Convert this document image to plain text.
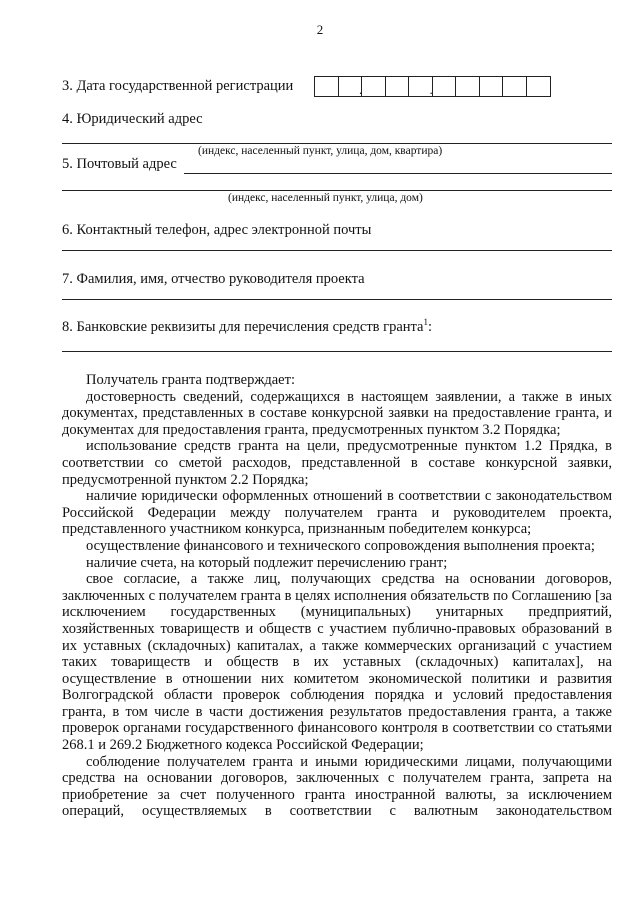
2
3. Дата государственной регистрации	.	.
4. Юридический адрес
(индекс, населенный пункт, улица, дом, квартира)
5. Почтовый адрес
(индекс, населенный пункт, улица, дом)
6. Контактный телефон, адрес электронной почты
7. Фамилия, имя, отчество руководителя проекта
8. Банковские реквизиты для перечисления средств гранта$^1$:

Получатель гранта подтверждает:

достоверность сведений, содержащихся в настоящем заявлении, а также в иных документах, представленных в составе конкурсной заявки на предоставление гранта, и документах для предоставления гранта, предусмотренных пунктом 3.2 Порядка;

использование средств гранта на цели, предусмотренные пунктом 1.2 Прядка, в соответствии со сметой расходов, представленной в составе конкурсной заявки, предусмотренной пунктом 2.2 Порядка;

наличие юридически оформленных отношений в соответствии с законодательством Российской Федерации между получателем гранта и руководителем проекта, представленного участником конкурса, признанным победителем конкурса;

осуществление финансового и технического сопровождения выполнения проекта;

наличие счета, на который подлежит перечислению грант;

свое согласие, а также лиц, получающих средства на основании договоров, заключенных с получателем гранта в целях исполнения обязательств по Соглашению [за исключением государственных (муниципальных) унитарных предприятий, хозяйственных товариществ и обществ с участием публично-правовых образований в их уставных (складочных) капиталах, а также коммерческих организаций с участием таких товариществ и обществ в их уставных (складочных) капиталах], на осуществление в отношении них комитетом экономической политики и развития Волгоградской области проверок соблюдения порядка и условий предоставления гранта, в том числе в части достижения результатов предоставления гранта, а также проверок органами государственного финансового контроля в соответствии со статьями 268.1 и 269.2 Бюджетного кодекса Российской Федерации;

соблюдение получателем гранта и иными юридическими лицами, получающими средства на основании договоров, заключенных с получателем гранта, запрета на приобретение за счет полученного гранта иностранной валюты, за исключением операций, осуществляемых в соответствии с валютным законодательством
